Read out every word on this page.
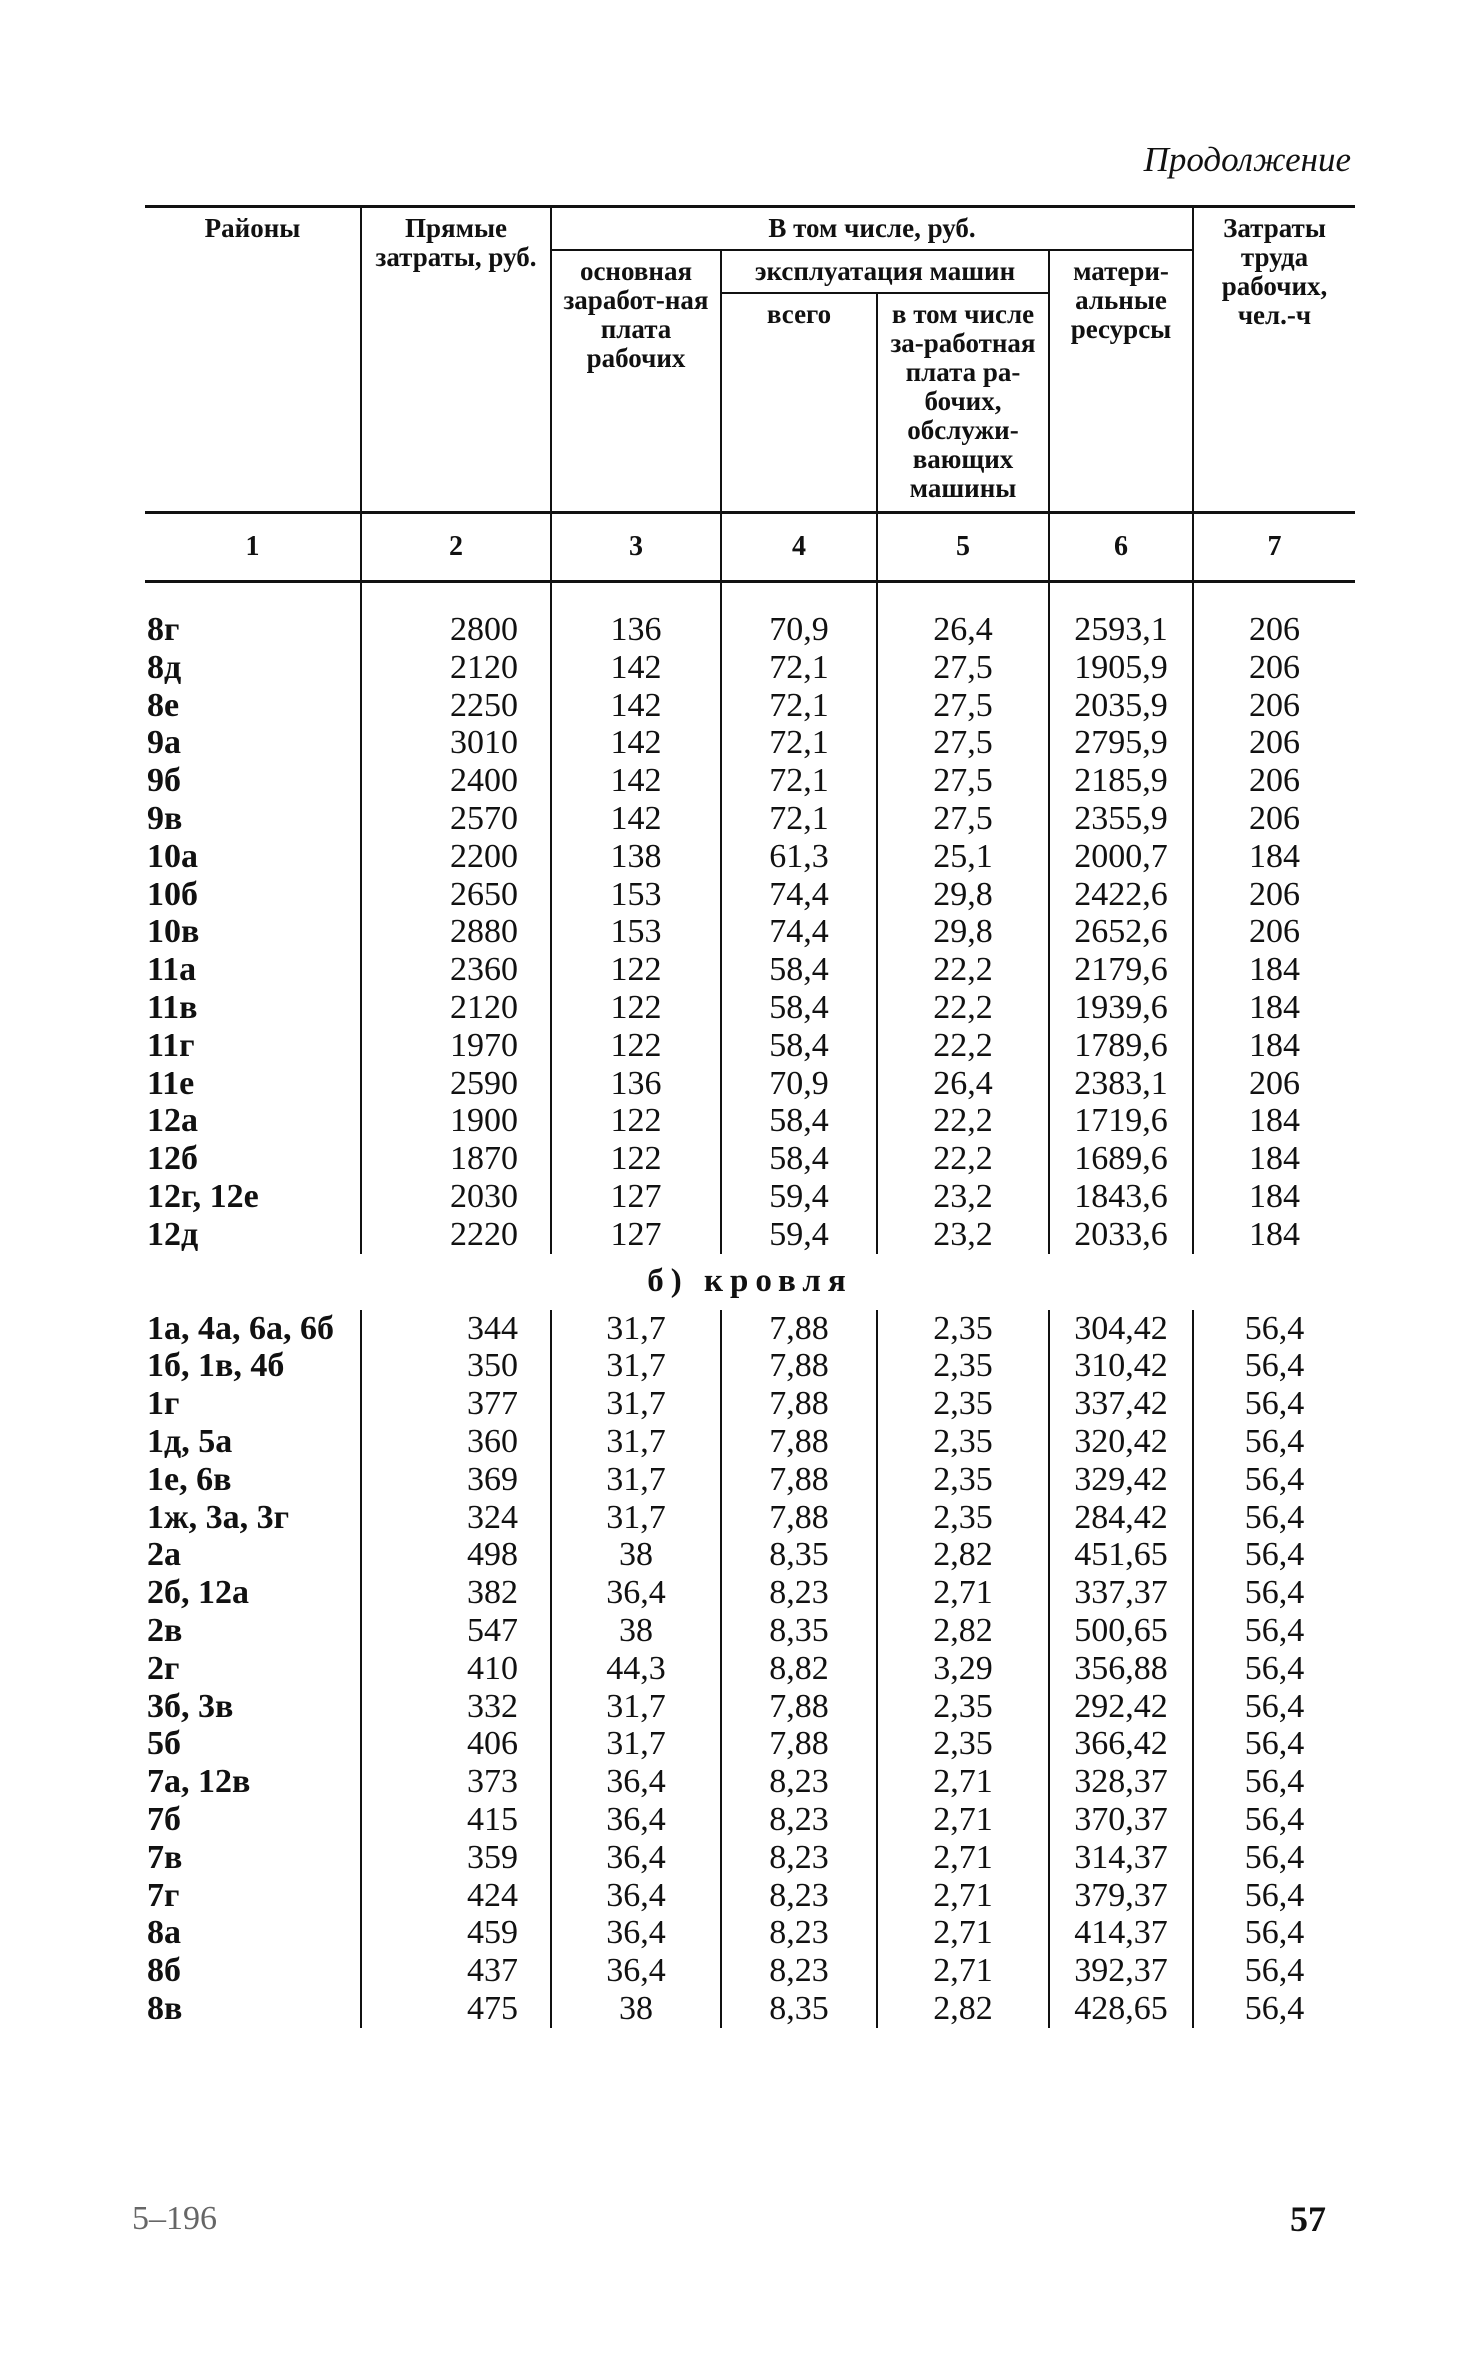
Продолжение
Районы	Прямые затраты, руб.	В том числе, руб.				Затраты труда рабочих, чел.-ч
		основная заработ-ная плата рабочих	эксплуатация машин		матери-альные ресурсы	
			всего	в том числе за-работная плата ра-бочих, обслужи-вающих машины		
1	2	3	4	5	6	7
8г	2800	136	70,9	26,4	2593,1	206
8д	2120	142	72,1	27,5	1905,9	206
8е	2250	142	72,1	27,5	2035,9	206
9а	3010	142	72,1	27,5	2795,9	206
9б	2400	142	72,1	27,5	2185,9	206
9в	2570	142	72,1	27,5	2355,9	206
10а	2200	138	61,3	25,1	2000,7	184
10б	2650	153	74,4	29,8	2422,6	206
10в	2880	153	74,4	29,8	2652,6	206
11а	2360	122	58,4	22,2	2179,6	184
11в	2120	122	58,4	22,2	1939,6	184
11г	1970	122	58,4	22,2	1789,6	184
11е	2590	136	70,9	26,4	2383,1	206
12а	1900	122	58,4	22,2	1719,6	184
12б	1870	122	58,4	22,2	1689,6	184
12г, 12е	2030	127	59,4	23,2	1843,6	184
12д	2220	127	59,4	23,2	2033,6	184
б) кровля						
1а, 4а, 6а, 6б	344	31,7	7,88	2,35	304,42	56,4
1б, 1в, 4б	350	31,7	7,88	2,35	310,42	56,4
1г	377	31,7	7,88	2,35	337,42	56,4
1д, 5а	360	31,7	7,88	2,35	320,42	56,4
1е, 6в	369	31,7	7,88	2,35	329,42	56,4
1ж, 3а, 3г	324	31,7	7,88	2,35	284,42	56,4
2а	498	38	8,35	2,82	451,65	56,4
2б, 12а	382	36,4	8,23	2,71	337,37	56,4
2в	547	38	8,35	2,82	500,65	56,4
2г	410	44,3	8,82	3,29	356,88	56,4
3б, 3в	332	31,7	7,88	2,35	292,42	56,4
5б	406	31,7	7,88	2,35	366,42	56,4
7а, 12в	373	36,4	8,23	2,71	328,37	56,4
7б	415	36,4	8,23	2,71	370,37	56,4
7в	359	36,4	8,23	2,71	314,37	56,4
7г	424	36,4	8,23	2,71	379,37	56,4
8а	459	36,4	8,23	2,71	414,37	56,4
8б	437	36,4	8,23	2,71	392,37	56,4
8в	475	38	8,35	2,82	428,65	56,4
5–196	57
